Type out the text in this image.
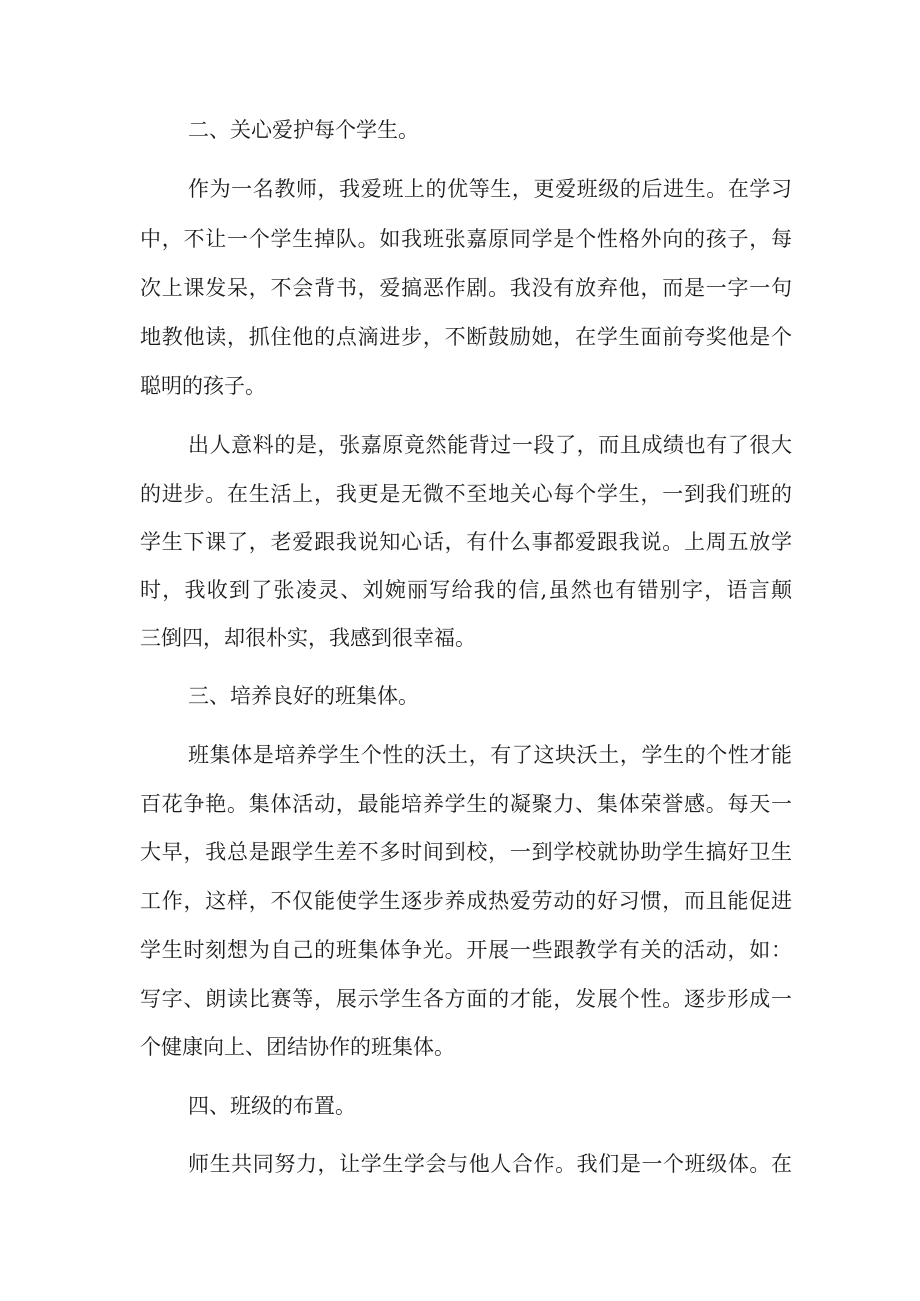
二、关心爱护每个学生。

作为一名教师，我爱班上的优等生，更爱班级的后进生。在学习

中，不让一个学生掉队。如我班张嘉原同学是个性格外向的孩子，每

次上课发呆，不会背书，爱搞恶作剧。我没有放弃他，而是一字一句

地教他读，抓住他的点滴进步，不断鼓励她，在学生面前夸奖他是个

聪明的孩子。

出人意料的是，张嘉原竟然能背过一段了，而且成绩也有了很大

的进步。在生活上，我更是无微不至地关心每个学生，一到我们班的

学生下课了，老爱跟我说知心话，有什么事都爱跟我说。上周五放学

时，我收到了张凌灵、刘婉丽写给我的信,虽然也有错别字，语言颠

三倒四，却很朴实，我感到很幸福。

三、培养良好的班集体。

班集体是培养学生个性的沃土，有了这块沃土，学生的个性才能

百花争艳。集体活动，最能培养学生的凝聚力、集体荣誉感。每天一

大早，我总是跟学生差不多时间到校，一到学校就协助学生搞好卫生

工作，这样，不仅能使学生逐步养成热爱劳动的好习惯，而且能促进

学生时刻想为自己的班集体争光。开展一些跟教学有关的活动，如：

写字、朗读比赛等，展示学生各方面的才能，发展个性。逐步形成一

个健康向上、团结协作的班集体。

四、班级的布置。

师生共同努力，让学生学会与他人合作。我们是一个班级体。在
